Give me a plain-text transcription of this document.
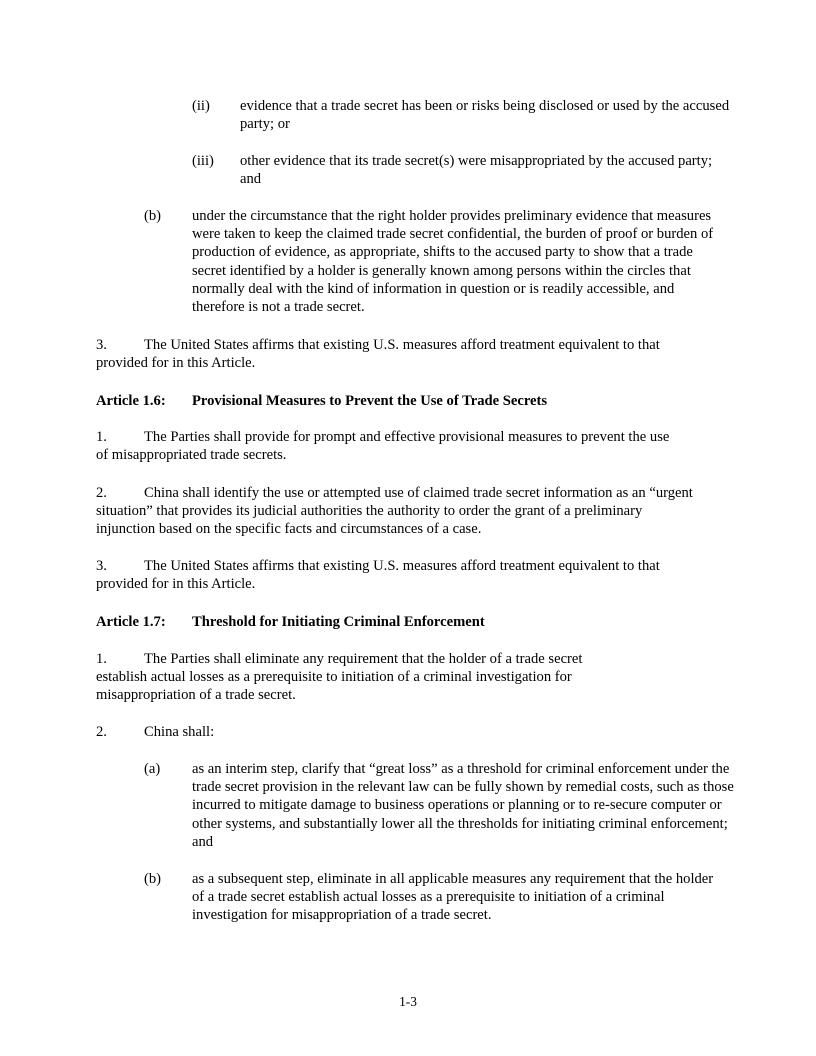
(ii)	evidence that a trade secret has been or risks being disclosed or used by the accused party; or
(iii)	other evidence that its trade secret(s) were misappropriated by the accused party; and
(b)	under the circumstance that the right holder provides preliminary evidence that measures were taken to keep the claimed trade secret confidential, the burden of proof or burden of production of evidence, as appropriate, shifts to the accused party to show that a trade secret identified by a holder is generally known among persons within the circles that normally deal with the kind of information in question or is readily accessible, and therefore is not a trade secret.
3.	The United States affirms that existing U.S. measures afford treatment equivalent to that provided for in this Article.
Article 1.6: Provisional Measures to Prevent the Use of Trade Secrets
1.	The Parties shall provide for prompt and effective provisional measures to prevent the use of misappropriated trade secrets.
2.	China shall identify the use or attempted use of claimed trade secret information as an “urgent situation” that provides its judicial authorities the authority to order the grant of a preliminary injunction based on the specific facts and circumstances of a case.
3.	The United States affirms that existing U.S. measures afford treatment equivalent to that provided for in this Article.
Article 1.7: Threshold for Initiating Criminal Enforcement
1.	The Parties shall eliminate any requirement that the holder of a trade secret establish actual losses as a prerequisite to initiation of a criminal investigation for misappropriation of a trade secret.
2.	China shall:
(a)	as an interim step, clarify that “great loss” as a threshold for criminal enforcement under the trade secret provision in the relevant law can be fully shown by remedial costs, such as those incurred to mitigate damage to business operations or planning or to re-secure computer or other systems, and substantially lower all the thresholds for initiating criminal enforcement; and
(b)	as a subsequent step, eliminate in all applicable measures any requirement that the holder of a trade secret establish actual losses as a prerequisite to initiation of a criminal investigation for misappropriation of a trade secret.
1-3
